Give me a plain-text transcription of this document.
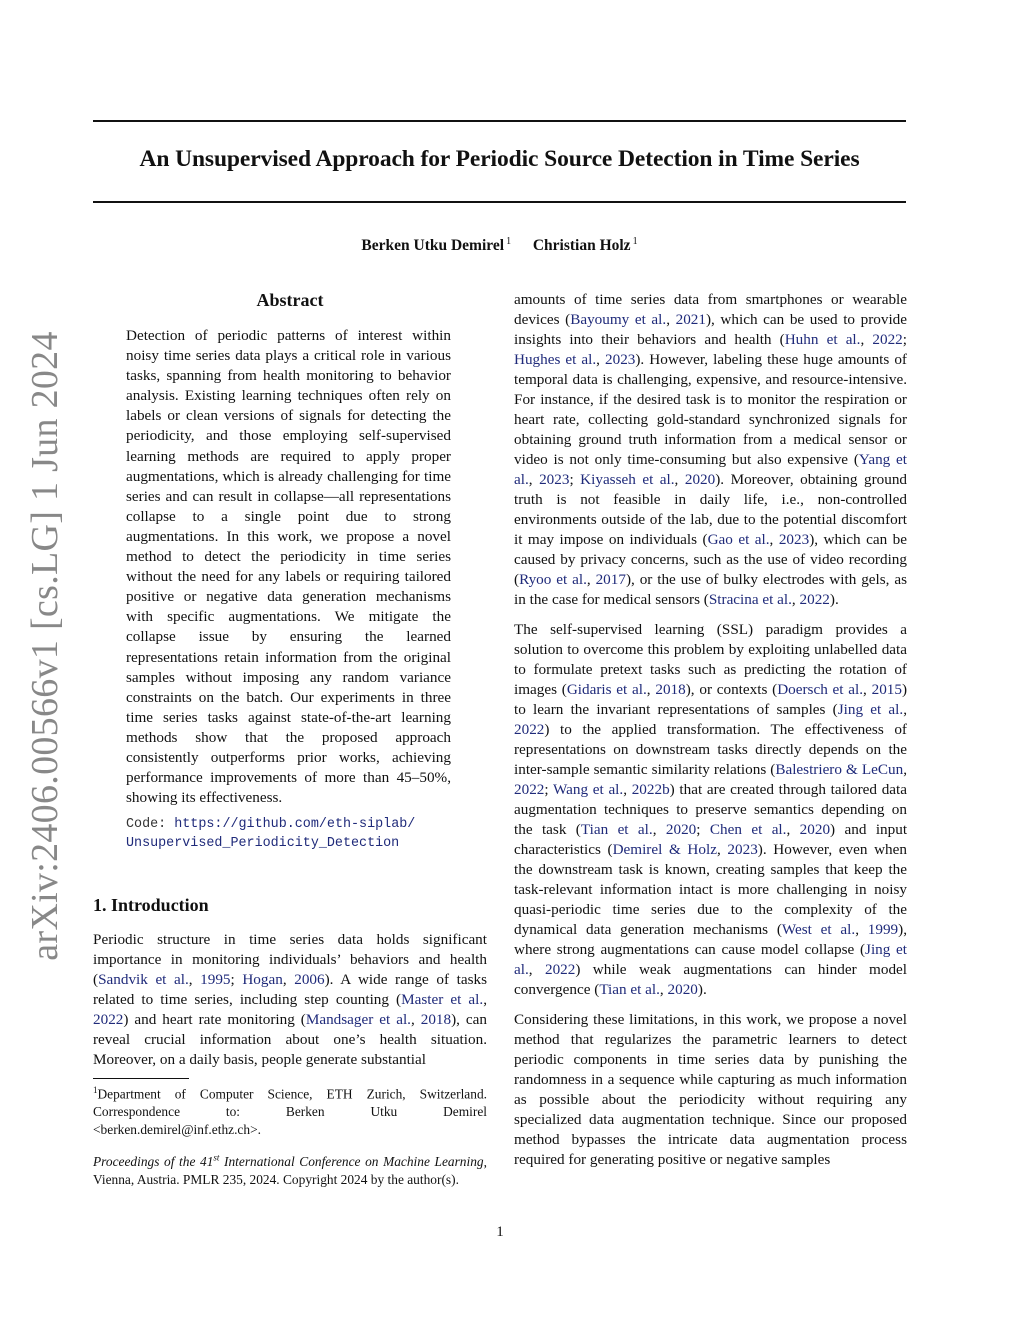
An Unsupervised Approach for Periodic Source Detection in Time Series
Berken Utku Demirel $^1$ Christian Holz $^1$
arXiv:2406.00566v1 [cs.LG] 1 Jun 2024
Abstract
Detection of periodic patterns of interest within noisy time series data plays a critical role in various tasks, spanning from health monitoring to behavior analysis. Existing learning techniques often rely on labels or clean versions of signals for detecting the periodicity, and those employing self-supervised learning methods are required to apply proper augmentations, which is already challenging for time series and can result in collapse—all representations collapse to a single point due to strong augmentations. In this work, we propose a novel method to detect the periodicity in time series without the need for any labels or requiring tailored positive or negative data generation mechanisms with specific augmentations. We mitigate the collapse issue by ensuring the learned representations retain information from the original samples without imposing any random variance constraints on the batch. Our experiments in three time series tasks against state-of-the-art learning methods show that the proposed approach consistently outperforms prior works, achieving performance improvements of more than 45–50%, showing its effectiveness.
Code: https://github.com/eth-siplab/
Unsupervised_Periodicity_Detection
1. Introduction
Periodic structure in time series data holds significant importance in monitoring individuals’ behaviors and health (Sandvik et al., 1995; Hogan, 2006). A wide range of tasks related to time series, including step counting (Master et al., 2022) and heart rate monitoring (Mandsager et al., 2018), can reveal crucial information about one’s health situation. Moreover, on a daily basis, people generate substantial
$^1$Department of Computer Science, ETH Zurich, Switzerland. Correspondence to: Berken Utku Demirel <berken.demirel@inf.ethz.ch>.
Proceedings of the 41st International Conference on Machine Learning, Vienna, Austria. PMLR 235, 2024. Copyright 2024 by the author(s).

amounts of time series data from smartphones or wearable devices (Bayoumy et al., 2021), which can be used to provide insights into their behaviors and health (Huhn et al., 2022; Hughes et al., 2023). However, labeling these huge amounts of temporal data is challenging, expensive, and resource-intensive. For instance, if the desired task is to monitor the respiration or heart rate, collecting gold-standard synchronized signals for obtaining ground truth information from a medical sensor or video is not only time-consuming but also expensive (Yang et al., 2023; Kiyasseh et al., 2020). Moreover, obtaining ground truth is not feasible in daily life, i.e., non-controlled environments outside of the lab, due to the potential discomfort it may impose on individuals (Gao et al., 2023), which can be caused by privacy concerns, such as the use of video recording (Ryoo et al., 2017), or the use of bulky electrodes with gels, as in the case for medical sensors (Stracina et al., 2022).

The self-supervised learning (SSL) paradigm provides a solution to overcome this problem by exploiting unlabelled data to formulate pretext tasks such as predicting the rotation of images (Gidaris et al., 2018), or contexts (Doersch et al., 2015) to learn the invariant representations of samples (Jing et al., 2022) to the applied transformation. The effectiveness of representations on downstream tasks directly depends on the inter-sample semantic similarity relations (Balestriero & LeCun, 2022; Wang et al., 2022b) that are created through tailored data augmentation techniques to preserve semantics depending on the task (Tian et al., 2020; Chen et al., 2020) and input characteristics (Demirel & Holz, 2023). However, even when the downstream task is known, creating samples that keep the task-relevant information intact is more challenging in noisy quasi-periodic time series due to the complexity of the dynamical data generation mechanisms (West et al., 1999), where strong augmentations can cause model collapse (Jing et al., 2022) while weak augmentations can hinder model convergence (Tian et al., 2020).

Considering these limitations, in this work, we propose a novel method that regularizes the parametric learners to detect periodic components in time series data by punishing the randomness in a sequence while capturing as much information as possible about the periodicity without requiring any specialized data augmentation technique. Since our proposed method bypasses the intricate data augmentation process required for generating positive or negative samples

1
